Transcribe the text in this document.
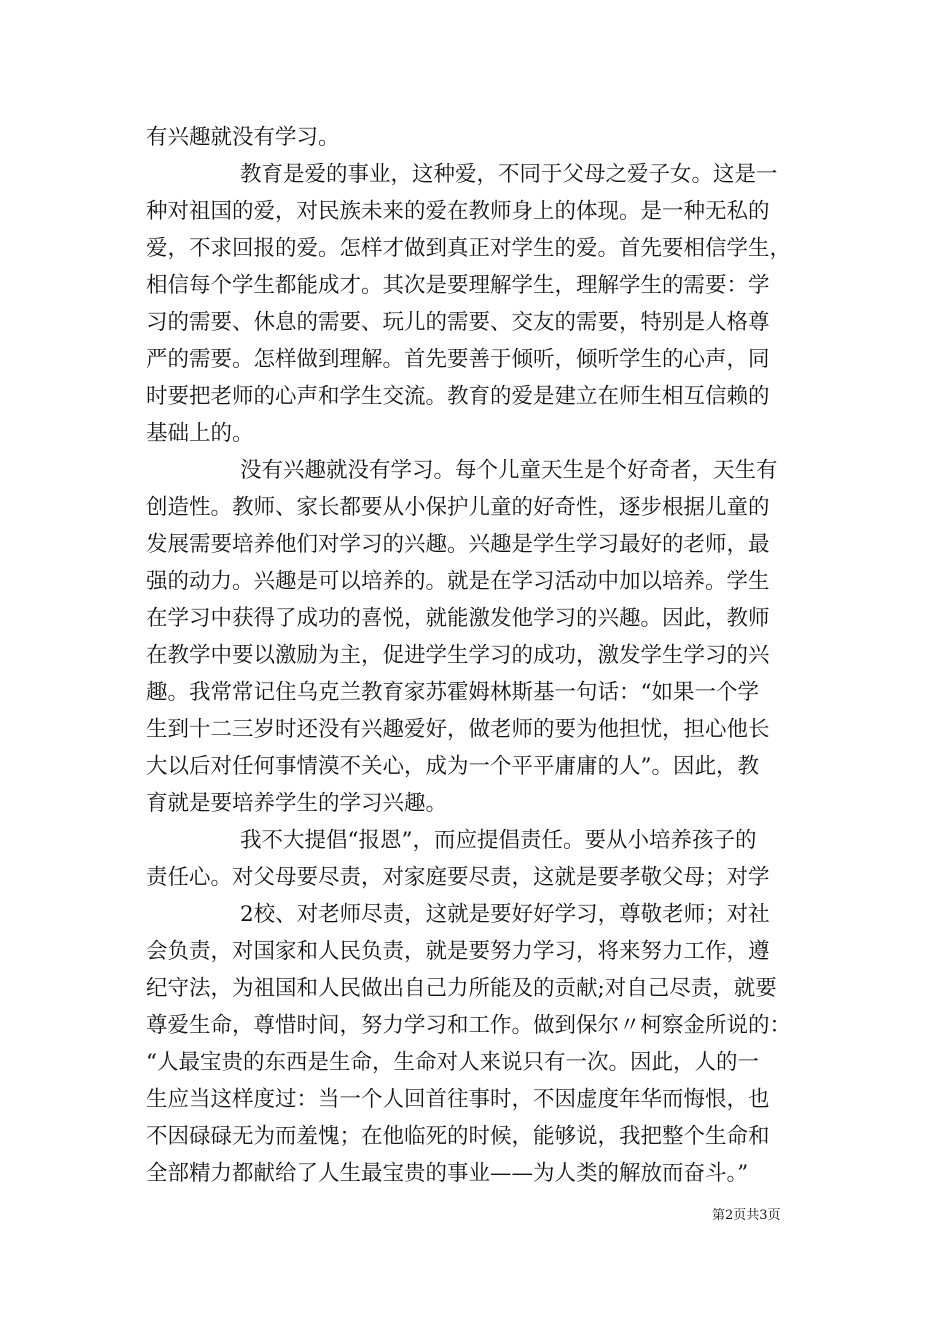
有兴趣就没有学习。
教育是爱的事业，这种爱，不同于父母之爱子女。这是一
种对祖国的爱，对民族未来的爱在教师身上的体现。是一种无私的
爱，不求回报的爱。怎样才做到真正对学生的爱。首先要相信学生，
相信每个学生都能成才。其次是要理解学生，理解学生的需要：学
习的需要、休息的需要、玩儿的需要、交友的需要，特别是人格尊
严的需要。怎样做到理解。首先要善于倾听，倾听学生的心声，同
时要把老师的心声和学生交流。教育的爱是建立在师生相互信赖的
基础上的。
没有兴趣就没有学习。每个儿童天生是个好奇者，天生有
创造性。教师、家长都要从小保护儿童的好奇性，逐步根据儿童的
发展需要培养他们对学习的兴趣。兴趣是学生学习最好的老师，最
强的动力。兴趣是可以培养的。就是在学习活动中加以培养。学生
在学习中获得了成功的喜悦，就能激发他学习的兴趣。因此，教师
在教学中要以激励为主，促进学生学习的成功，激发学生学习的兴
趣。我常常记住乌克兰教育家苏霍姆林斯基一句话：“如果一个学
生到十二三岁时还没有兴趣爱好，做老师的要为他担忧，担心他长
大以后对任何事情漠不关心，成为一个平平庸庸的人”。因此，教
育就是要培养学生的学习兴趣。
我不大提倡“报恩”，而应提倡责任。要从小培养孩子的
责任心。对父母要尽责，对家庭要尽责，这就是要孝敬父母；对学
2校、对老师尽责，这就是要好好学习，尊敬老师；对社
会负责，对国家和人民负责，就是要努力学习，将来努力工作，遵
纪守法，为祖国和人民做出自己力所能及的贡献;对自己尽责，就要
尊爱生命，尊惜时间，努力学习和工作。做到保尔〃柯察金所说的：
“人最宝贵的东西是生命，生命对人来说只有一次。因此，人的一
生应当这样度过：当一个人回首往事时，不因虚度年华而悔恨，也
不因碌碌无为而羞愧；在他临死的时候，能够说，我把整个生命和
全部精力都献给了人生最宝贵的事业——为人类的解放而奋斗。”
第2页共3页
